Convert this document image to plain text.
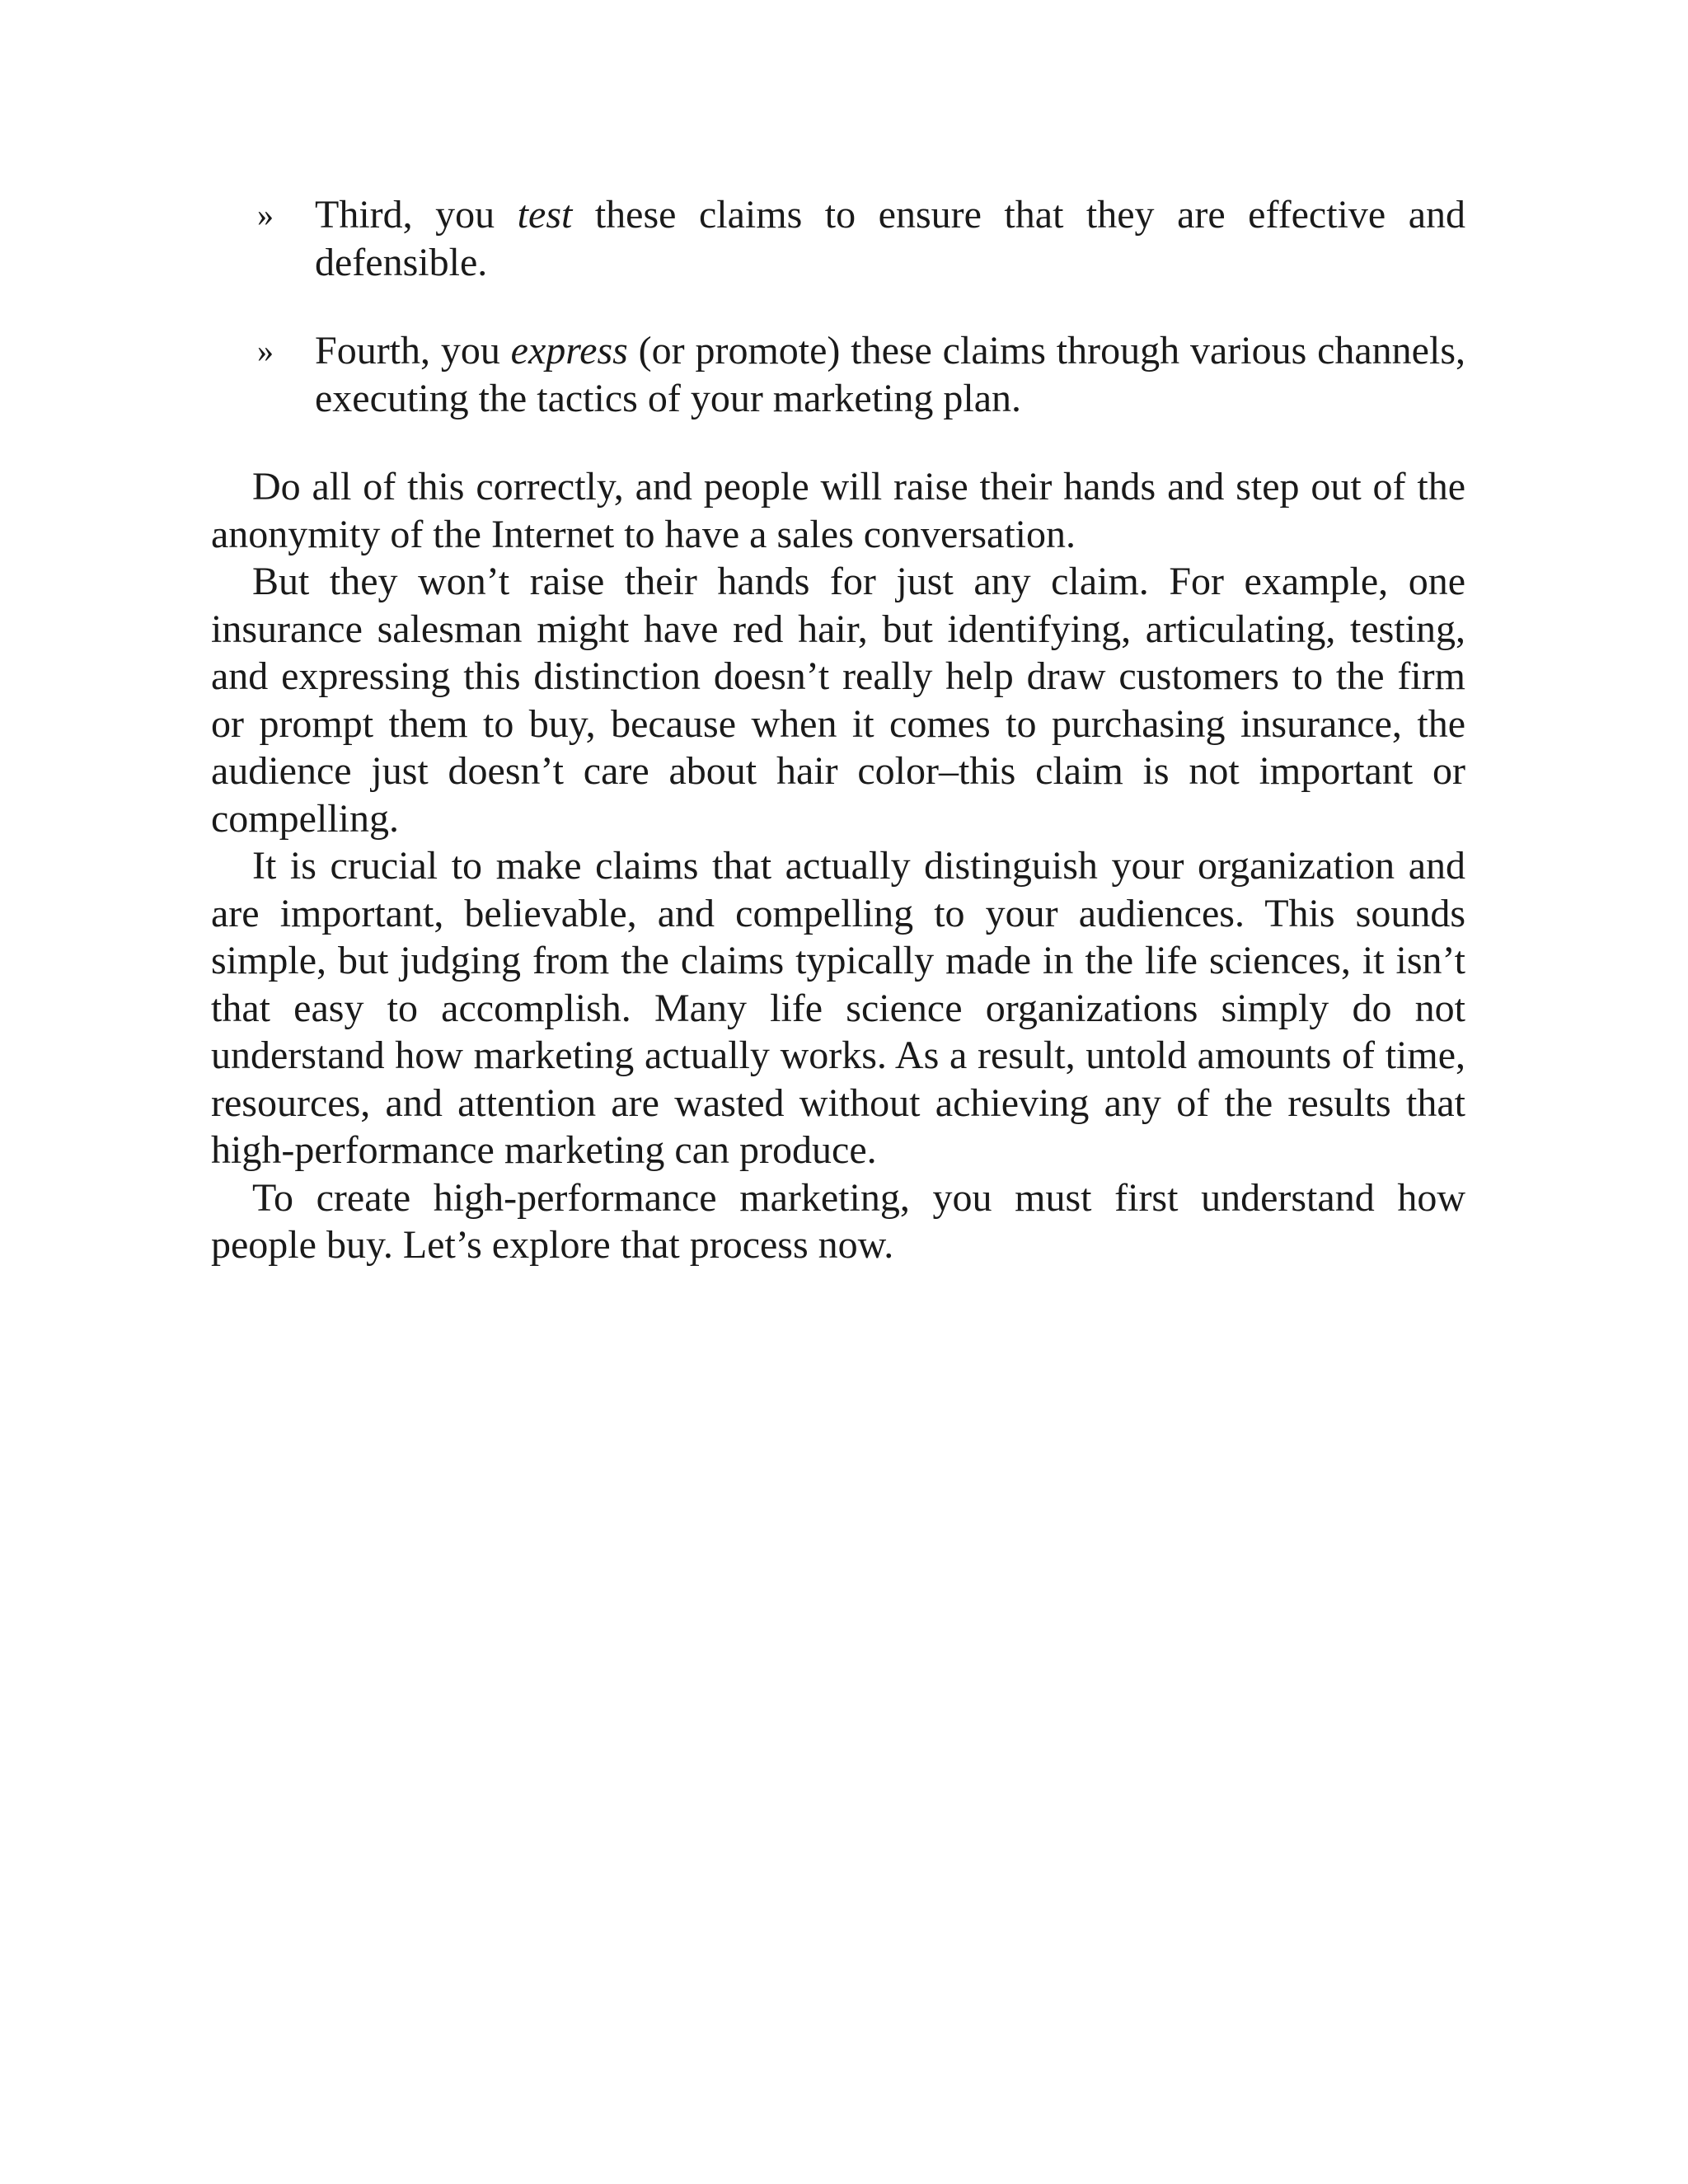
» Third, you test these claims to ensure that they are effective and defensible.
» Fourth, you express (or promote) these claims through various channels, executing the tactics of your marketing plan.

Do all of this correctly, and people will raise their hands and step out of the anonymity of the Internet to have a sales conversation.

But they won’t raise their hands for just any claim. For example, one insurance salesman might have red hair, but identifying, articulating, testing, and expressing this distinction doesn’t really help draw customers to the firm or prompt them to buy, because when it comes to purchasing insurance, the audience just doesn’t care about hair color–this claim is not important or compelling.

It is crucial to make claims that actually distinguish your organization and are important, believable, and compelling to your audiences. This sounds simple, but judging from the claims typically made in the life sciences, it isn’t that easy to accomplish. Many life science organizations simply do not understand how marketing actually works. As a result, untold amounts of time, resources, and attention are wasted without achieving any of the results that high-performance marketing can produce.

To create high-performance marketing, you must first understand how people buy. Let’s explore that process now.
